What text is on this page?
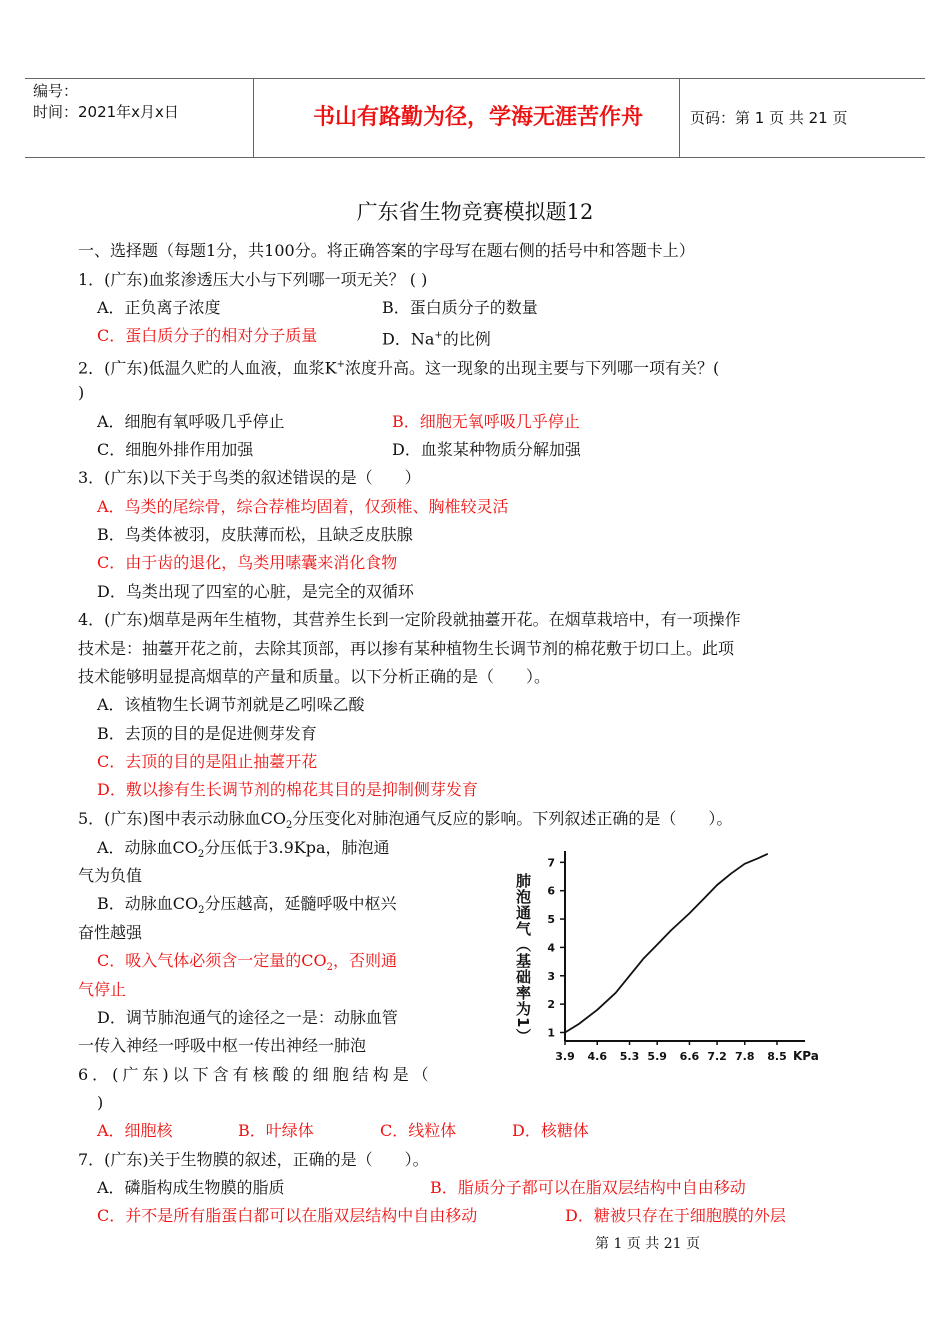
编号：
时间：2021年x月x日	书山有路勤为径，学海无涯苦作舟	页码：第 1 页 共 21 页
广东省生物竞赛模拟题12
一、选择题（每题1分，共100分。将正确答案的字母写在题右侧的括号中和答题卡上）
1．(广东)血浆渗透压大小与下列哪一项无关？ ( )
A．正负离子浓度	B．蛋白质分子的数量
C．蛋白质分子的相对分子质量	D．Na+的比例
2．(广东)低温久贮的人血液，血浆K+浓度升高。这一现象的出现主要与下列哪一项有关？(
)
A．细胞有氧呼吸几乎停止	B．细胞无氧呼吸几乎停止
C．细胞外排作用加强	D．血浆某种物质分解加强
3．(广东)以下关于鸟类的叙述错误的是（　　）
A．鸟类的尾综骨，综合荐椎均固着，仅颈椎、胸椎较灵活
B．鸟类体被羽，皮肤薄而松，且缺乏皮肤腺
C．由于齿的退化，鸟类用嗉囊来消化食物
D．鸟类出现了四室的心脏，是完全的双循环
4．(广东)烟草是两年生植物，其营养生长到一定阶段就抽薹开花。在烟草栽培中，有一项操作
技术是：抽薹开花之前，去除其顶部，再以掺有某种植物生长调节剂的棉花敷于切口上。此项
技术能够明显提高烟草的产量和质量。以下分析正确的是（　　）。
A．该植物生长调节剂就是乙吲哚乙酸
B．去顶的目的是促进侧芽发育
C．去顶的目的是阻止抽薹开花
D．敷以掺有生长调节剂的棉花其目的是抑制侧芽发育
5．(广东)图中表示动脉血$CO_2$分压变化对肺泡通气反应的影响。下列叙述正确的是（　　）。
A．动脉血$CO_2$分压低于3.9Kpa，肺泡通
气为负值
B．动脉血$CO_2$分压越高，延髓呼吸中枢兴
奋性越强
C．吸入气体必须含一定量的$CO_2$，否则通
气停止
D．调节肺泡通气的途径之一是：动脉血管
一传入神经一呼吸中枢一传出神经一肺泡
肺泡通气（基础率为1） 1
2
3
4
5
6
7
3.9 4.6 5.3 5.9 6.6 7.2 7.8 8.5 KPa
6．(广东)以下含有核酸的细胞结构是（
)
A．细胞核	B．叶绿体	C．线粒体	D．核糖体
7．(广东)关于生物膜的叙述，正确的是（　　）。
A．磷脂构成生物膜的脂质	B．脂质分子都可以在脂双层结构中自由移动
C．并不是所有脂蛋白都可以在脂双层结构中自由移动	D．糖被只存在于细胞膜的外层
第 1 页 共 21 页
